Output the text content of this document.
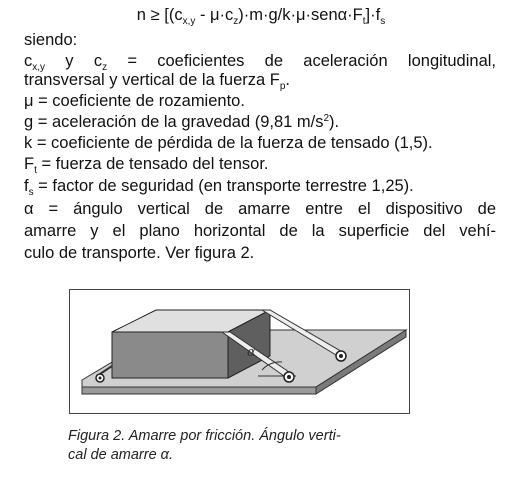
$n \ge [(c_{x,y} - \mu\cdot c_z)\cdot m\cdot g/k\cdot\mu\cdot sen\alpha\cdot F_t]\cdot f_s$
siendo:
$c_{x,y}$ y $c_z$ = coeficientes de aceleración longitudinal,
transversal y vertical de la fuerza $F_p$.
μ = coeficiente de rozamiento.
g = aceleración de la gravedad (9,81 $m/s^2$).
k = coeficiente de pérdida de la fuerza de tensado (1,5).
$F_t$ = fuerza de tensado del tensor.
$f_s$ = factor de seguridad (en transporte terrestre 1,25).
α = ángulo vertical de amarre entre el dispositivo de
amarre y el plano horizontal de la superficie del vehí-
culo de transporte. Ver figura 2.
α
Figura 2. Amarre por fricción. Ángulo verti-
cal de amarre α.
